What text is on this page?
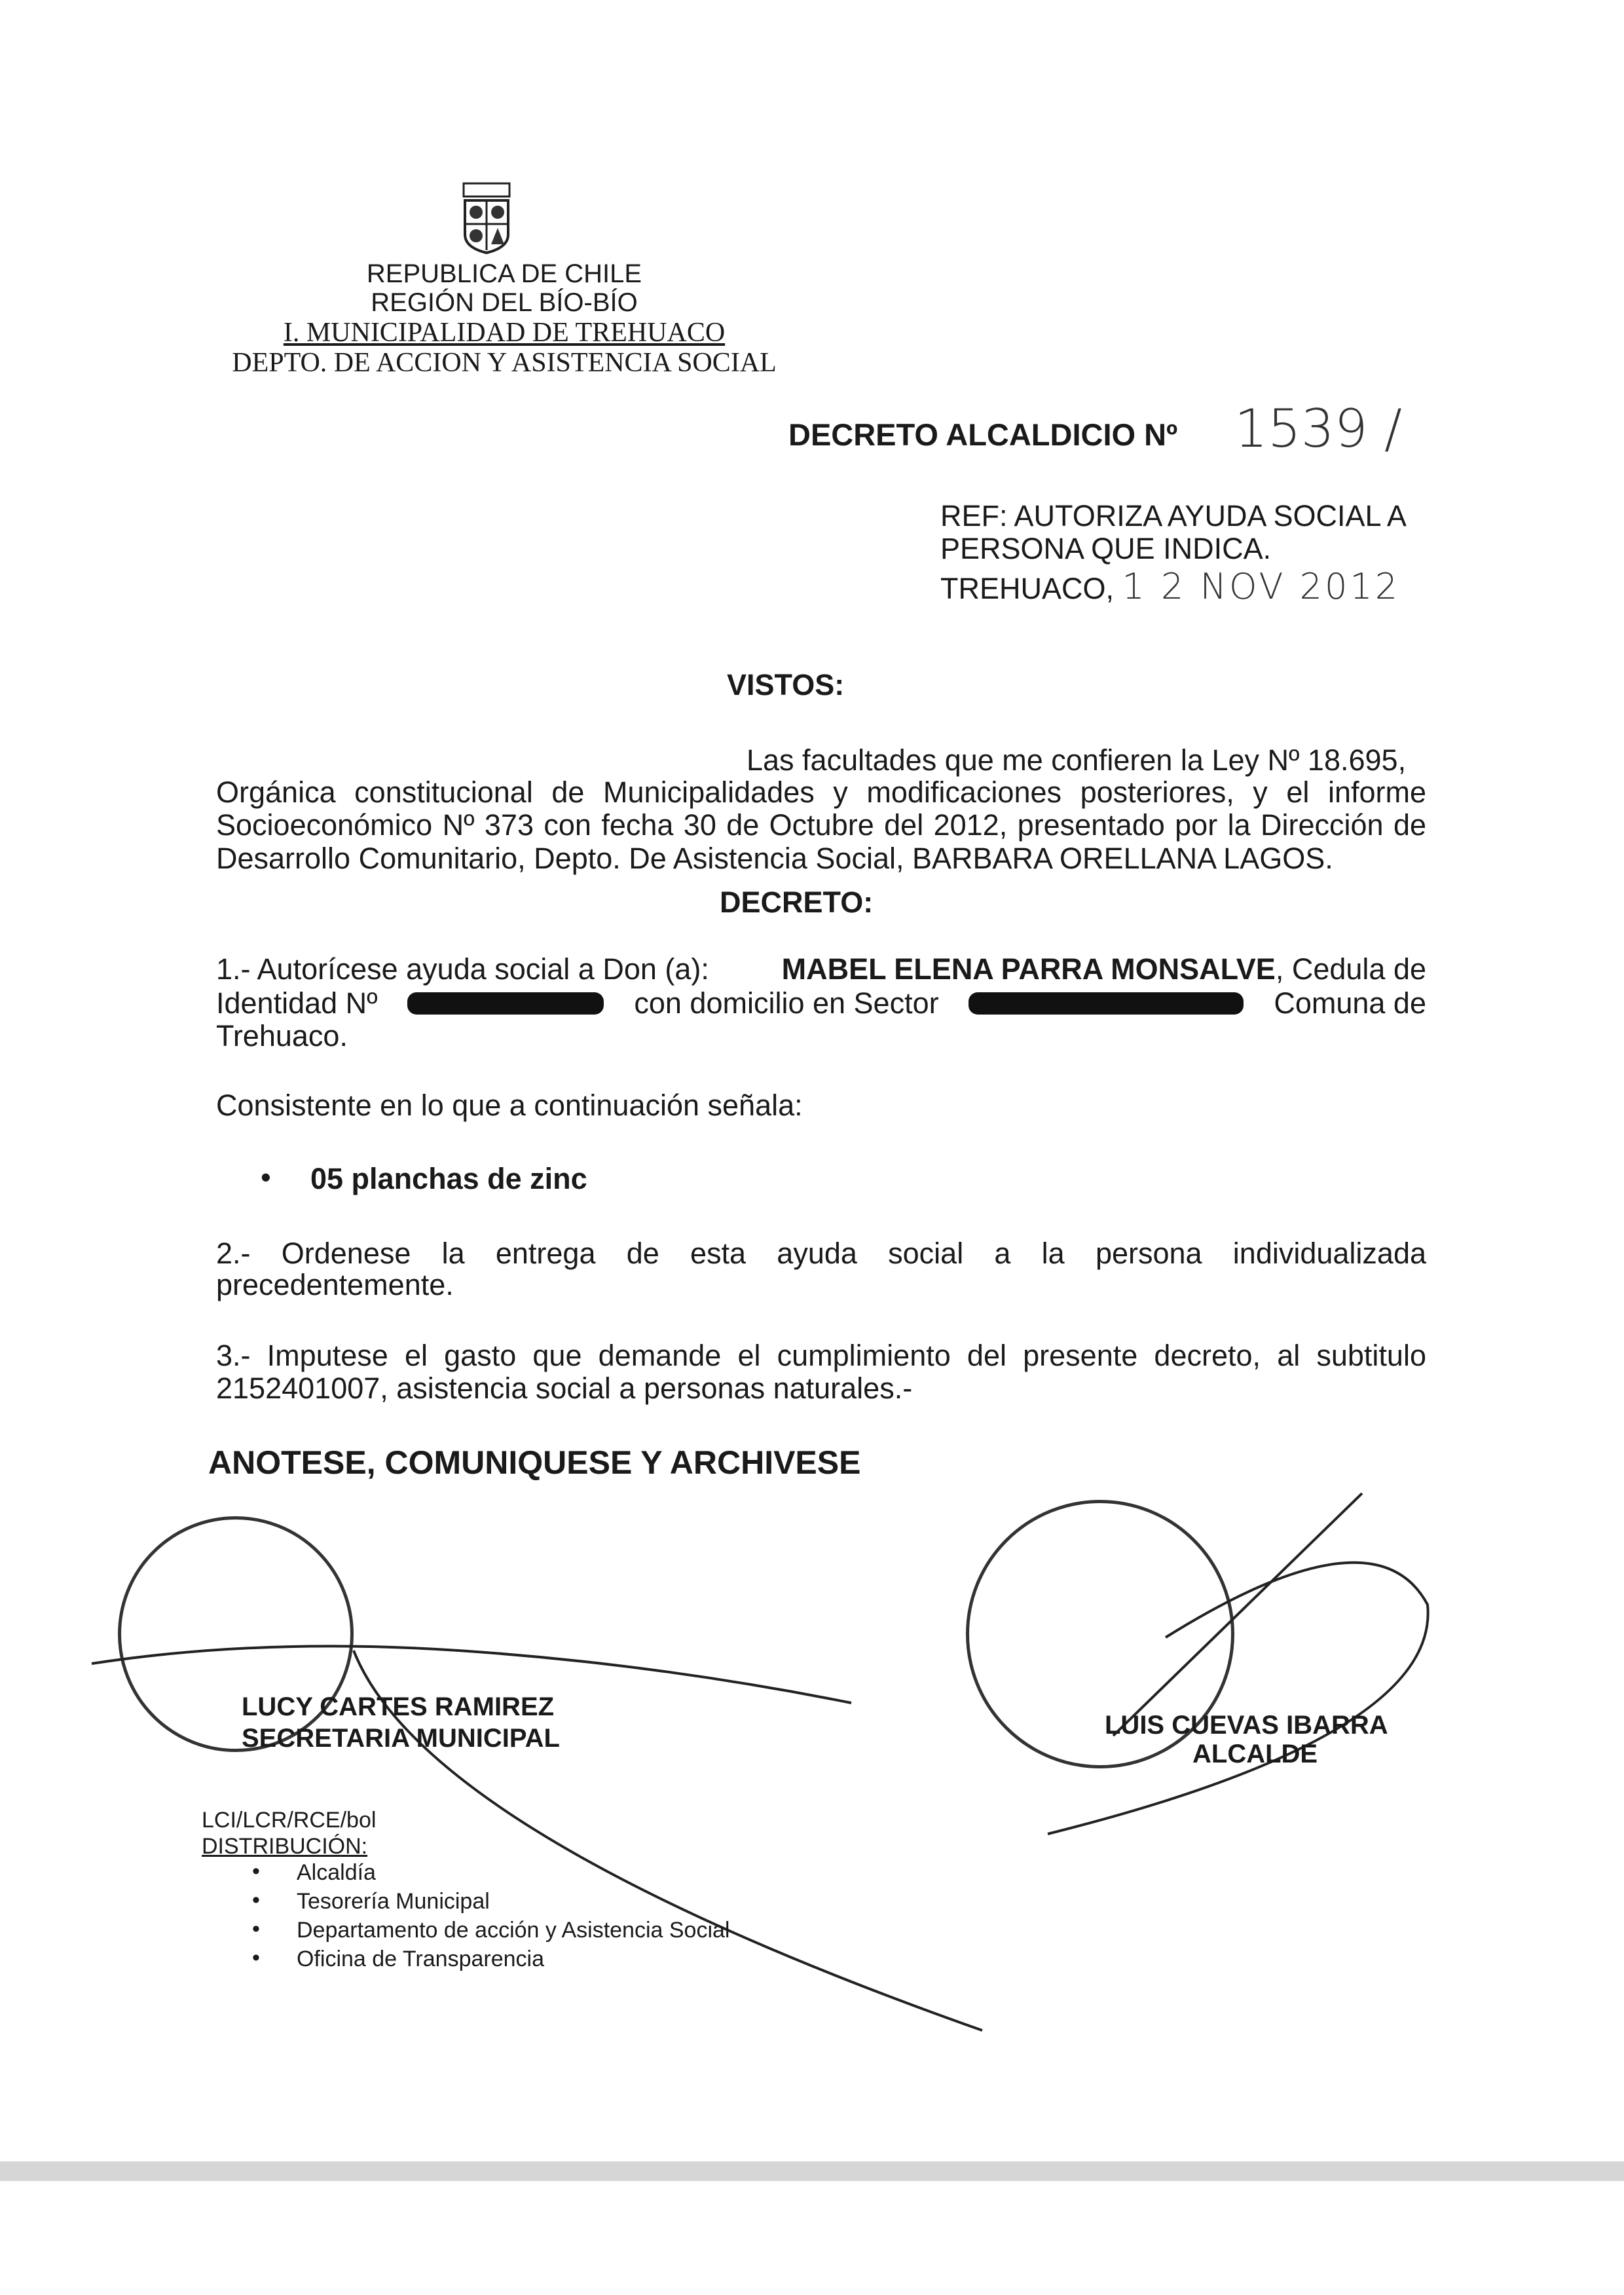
REPUBLICA DE CHILE
REGIÓN DEL BÍO-BÍO
I. MUNICIPALIDAD DE TREHUACO
DEPTO. DE ACCION Y ASISTENCIA SOCIAL
DECRETO ALCALDICIO Nº 1539 /
REF: AUTORIZA AYUDA SOCIAL A
PERSONA QUE INDICA.
TREHUACO, 1 2 NOV 2012
VISTOS:
Las facultades que me confieren la Ley Nº 18.695,
Orgánica constitucional de Municipalidades y modificaciones posteriores, y el informe
Socioeconómico Nº 373 con fecha 30 de Octubre del 2012, presentado por la Dirección de
Desarrollo Comunitario, Depto. De Asistencia Social, BARBARA ORELLANA LAGOS.
DECRETO:
1.- Autorícese ayuda social a Don (a): MABEL ELENA PARRA MONSALVE, Cedula de
Identidad Nº	con domicilio en Sector	Comuna de
Trehuaco.
Consistente en lo que a continuación señala:
• 05 planchas de zinc
2.- Ordenese la entrega de esta ayuda social a la persona individualizada
precedentemente.
3.- Imputese el gasto que demande el cumplimiento del presente decreto, al subtitulo
2152401007, asistencia social a personas naturales.-
ANOTESE, COMUNIQUESE Y ARCHIVESE
LUCY CARTES RAMIREZ
SECRETARIA MUNICIPAL	LUIS CUEVAS IBARRA
ALCALDE
LCI/LCR/RCE/bol
DISTRIBUCIÓN:
• Alcaldía
• Tesorería Municipal
• Departamento de acción y Asistencia Social
• Oficina de Transparencia
